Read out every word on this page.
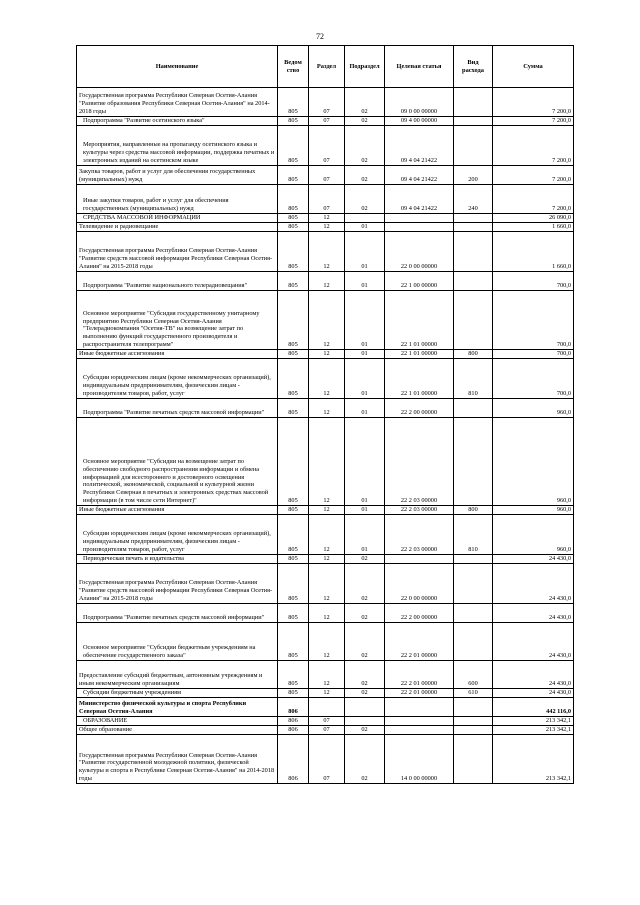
72
Наименование	Ведом ство	Раздел	Подраздел	Целевая статья	Вид расхода	Сумма
Государственная программа Республики Северная Осетия-Алания "Развитие образования Республики Северная Осетия-Алания" на 2014-2018 годы	805	07	02	09 0 00 00000		7 200,0
Подпрограмма "Развитие осетинского языка"	805	07	02	09 4 00 00000		7 200,0
Мероприятия, направленные на пропаганду осетинского языка и культуры через средства массовой информации, поддержка печатных и электронных изданий на осетинском языке	805	07	02	09 4 04 21422		7 200,0
Закупка товаров, работ и услуг для обеспечения государственных (муниципальных) нужд	805	07	02	09 4 04 21422	200	7 200,0
Иные закупки товаров, работ и услуг для обеспечения государственных (муниципальных) нужд	805	07	02	09 4 04 21422	240	7 200,0
СРЕДСТВА МАССОВОЙ ИНФОРМАЦИИ	805	12				26 090,0
Телевидение и радиовещание	805	12	01			1 660,0
Государственная программа Республики Северная Осетия-Алания "Развитие средств массовой информации Республики Северная Осетия-Алания" на 2015-2018 годы	805	12	01	22 0 00 00000		1 660,0
Подпрограмма "Развитие национального телерадиовещания"	805	12	01	22 1 00 00000		700,0
Основное мероприятие "Субсидия государственному унитарному предприятию Республики Северная Осетия-Алания "Телерадиокомпания "Осетия-ТВ" на возмещение затрат по выполнению функций государственного производителя и распространителя телепрограмм"	805	12	01	22 1 01 00000		700,0
Иные бюджетные ассигнования	805	12	01	22 1 01 00000	800	700,0
Субсидии юридическим лицам (кроме некоммерческих организаций), индивидуальным предпринимателям, физическим лицам - производителям товаров, работ, услуг	805	12	01	22 1 01 00000	810	700,0
Подпрограмма "Развитие печатных средств массовой информации"	805	12	01	22 2 00 00000		960,0
Основное мероприятие "Субсидии на возмещение затрат по обеспечению свободного распространения информации и обмена информацией для всестороннего и достоверного освещения политической, экономической, социальной и культурной жизни Республики Северная в печатных и электронных средствах массовой информации (в том числе сети Интернет)"	805	12	01	22 2 03 00000		960,0
Иные бюджетные ассигнования	805	12	01	22 2 03 00000	800	960,0
Субсидии юридическим лицам (кроме некоммерческих организаций), индивидуальным предпринимателям, физическим лицам - производителям товаров, работ, услуг	805	12	01	22 2 03 00000	810	960,0
Периодическая печать и издательства	805	12	02			24 430,0
Государственная программа Республики Северная Осетия-Алания "Развитие средств массовой информации Республики Северная Осетия-Алания" на 2015-2018 годы	805	12	02	22 0 00 00000		24 430,0
Подпрограмма "Развитие печатных средств массовой информации"	805	12	02	22 2 00 00000		24 430,0
Основное мероприятие "Субсидии бюджетным учреждениям на обеспечение государственного заказа"	805	12	02	22 2 01 00000		24 430,0
Предоставление субсидий бюджетным, автономным учреждениям и иным некоммерческим организациям	805	12	02	22 2 01 00000	600	24 430,0
Субсидии бюджетным учреждениям	805	12	02	22 2 01 00000	610	24 430,0
Министерство физической культуры и спорта Республики Северная Осетия-Алания	806					442 116,0
ОБРАЗОВАНИЕ	806	07				213 342,1
Общее образование	806	07	02			213 342,1
Государственная программа Республики Северная Осетия-Алания "Развитие государственной молодежной политики, физической культуры и спорта в Республике Северная Осетия-Алания" на 2014-2018 годы	806	07	02	14 0 00 00000		213 342,1
